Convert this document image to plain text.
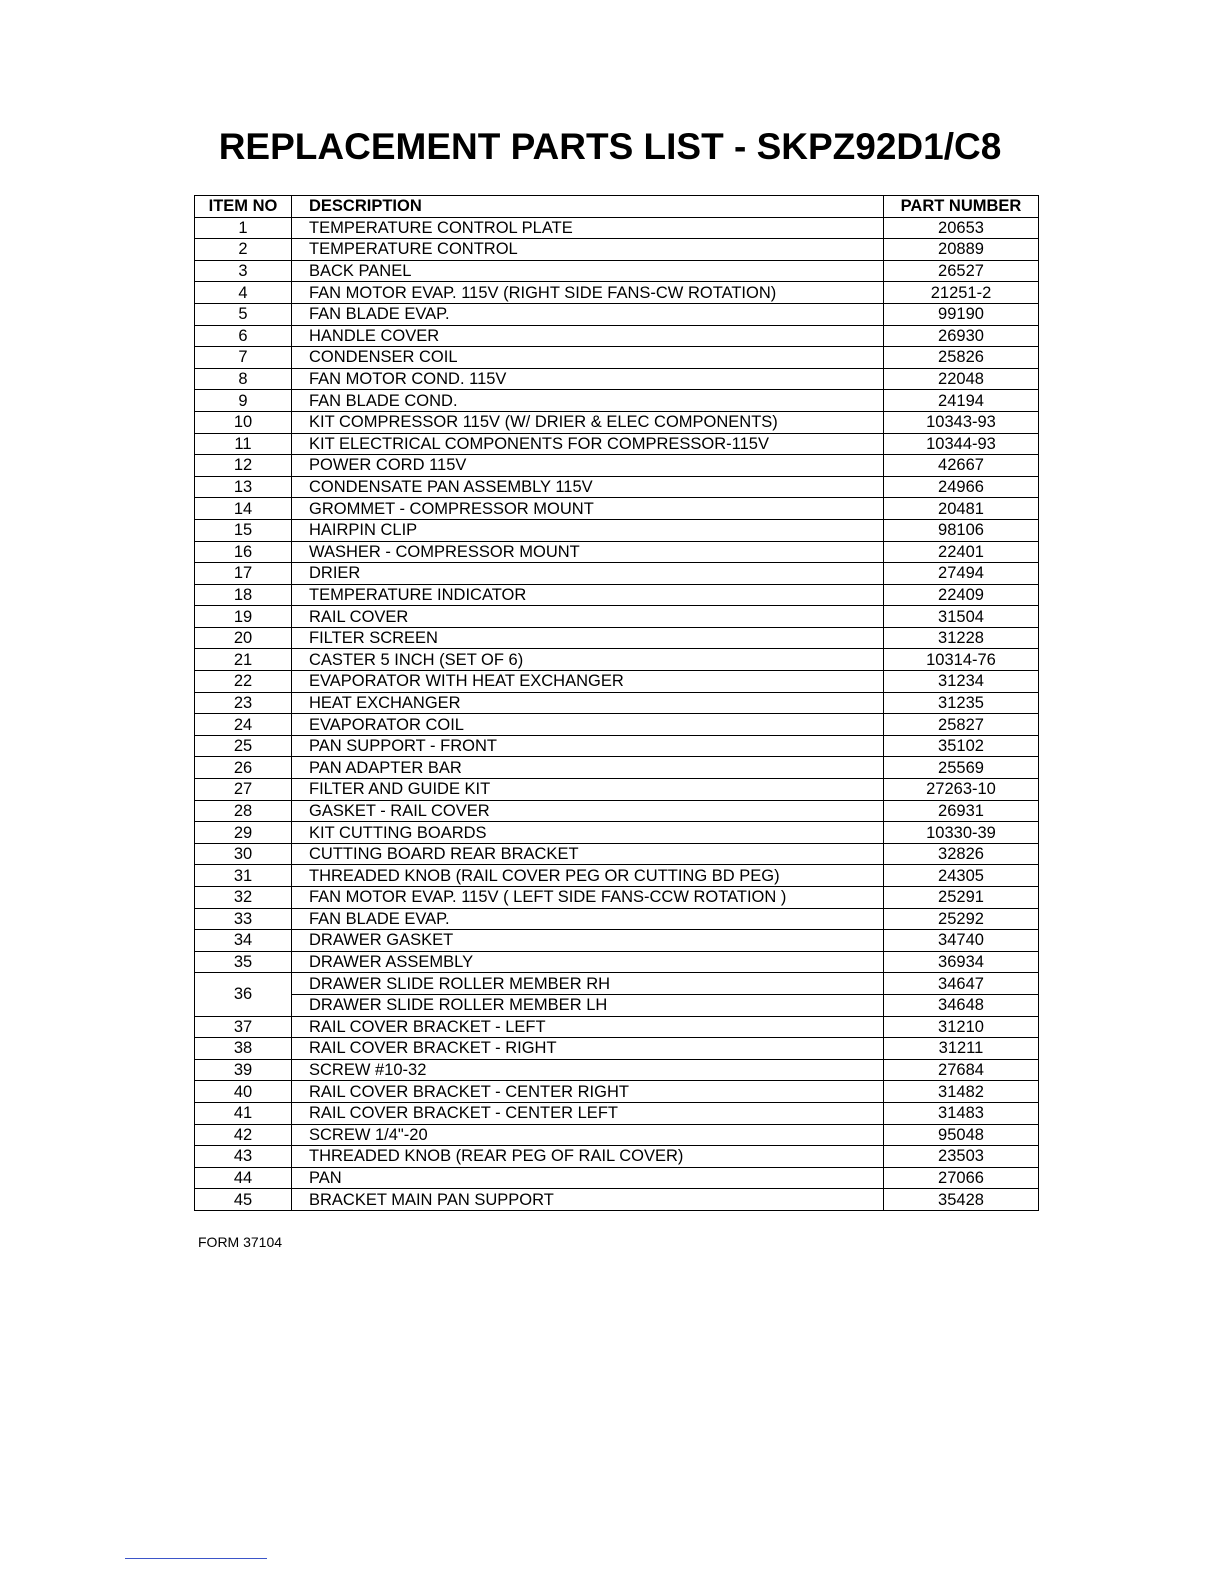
REPLACEMENT PARTS LIST - SKPZ92D1/C8
ITEM NO	DESCRIPTION	PART NUMBER
1	TEMPERATURE CONTROL PLATE	20653
2	TEMPERATURE CONTROL	20889
3	BACK PANEL	26527
4	FAN MOTOR EVAP. 115V (RIGHT SIDE FANS-CW ROTATION)	21251-2
5	FAN BLADE EVAP.	99190
6	HANDLE COVER	26930
7	CONDENSER COIL	25826
8	FAN MOTOR COND. 115V	22048
9	FAN BLADE COND.	24194
10	KIT COMPRESSOR 115V (W/ DRIER & ELEC COMPONENTS)	10343-93
11	KIT ELECTRICAL COMPONENTS FOR COMPRESSOR-115V	10344-93
12	POWER CORD 115V	42667
13	CONDENSATE PAN ASSEMBLY 115V	24966
14	GROMMET - COMPRESSOR MOUNT	20481
15	HAIRPIN CLIP	98106
16	WASHER - COMPRESSOR MOUNT	22401
17	DRIER	27494
18	TEMPERATURE INDICATOR	22409
19	RAIL COVER	31504
20	FILTER SCREEN	31228
21	CASTER 5 INCH (SET OF 6)	10314-76
22	EVAPORATOR WITH HEAT EXCHANGER	31234
23	HEAT EXCHANGER	31235
24	EVAPORATOR COIL	25827
25	PAN SUPPORT - FRONT	35102
26	PAN ADAPTER BAR	25569
27	FILTER AND GUIDE KIT	27263-10
28	GASKET - RAIL COVER	26931
29	KIT CUTTING BOARDS	10330-39
30	CUTTING BOARD REAR BRACKET	32826
31	THREADED KNOB (RAIL COVER PEG OR CUTTING BD PEG)	24305
32	FAN MOTOR EVAP. 115V ( LEFT SIDE FANS-CCW ROTATION )	25291
33	FAN BLADE EVAP.	25292
34	DRAWER GASKET	34740
35	DRAWER ASSEMBLY	36934
36	DRAWER SLIDE ROLLER MEMBER RH	34647
	DRAWER SLIDE ROLLER MEMBER LH	34648
37	RAIL COVER BRACKET - LEFT	31210
38	RAIL COVER BRACKET - RIGHT	31211
39	SCREW #10-32	27684
40	RAIL COVER BRACKET - CENTER RIGHT	31482
41	RAIL COVER BRACKET - CENTER LEFT	31483
42	SCREW 1/4"-20	95048
43	THREADED KNOB (REAR PEG OF RAIL COVER)	23503
44	PAN	27066
45	BRACKET MAIN PAN SUPPORT	35428

FORM 37104
